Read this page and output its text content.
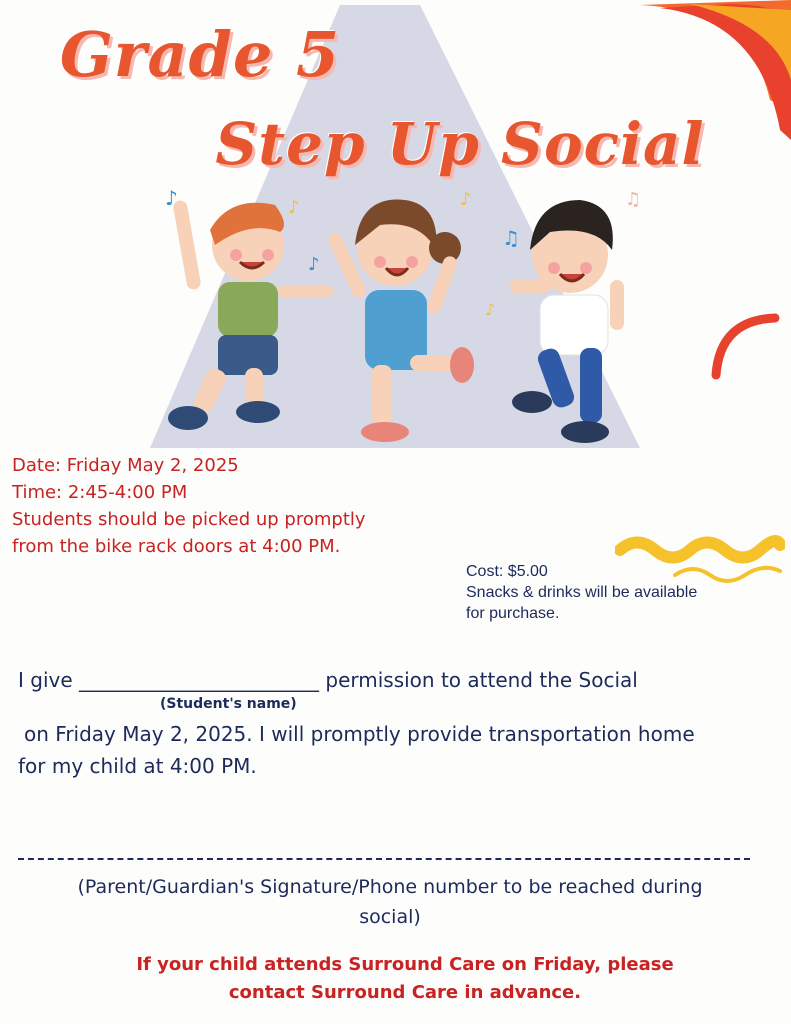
♪	♪	♪
♫
♪
♫
♪
Grade 5
Step Up Social
Date: Friday May 2, 2025
Time: 2:45-4:00 PM
Students should be picked up promptly
from the bike rack doors at 4:00 PM.
Cost: $5.00
Snacks & drinks will be available
for purchase.
I give ________________________ permission to attend the Social
(Student's name)
on Friday May 2, 2025. I will promptly provide transportation home
for my child at 4:00 PM.
(Parent/Guardian's Signature/Phone number to be reached during
social)
If your child attends Surround Care on Friday, please
contact Surround Care in advance.
